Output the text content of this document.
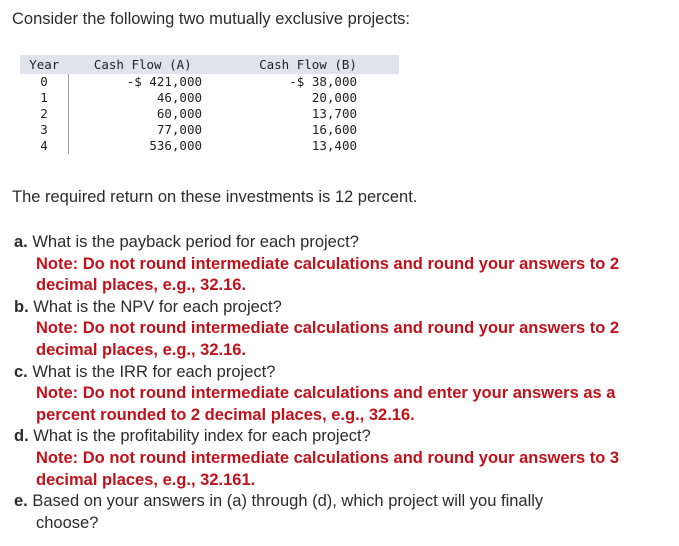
Consider the following two mutually exclusive projects:
Year	Cash Flow (A)	Cash Flow (B)
0	-$ 421,000	-$ 38,000
1	46,000	20,000
2	60,000	13,700
3	77,000	16,600
4	536,000	13,400
The required return on these investments is 12 percent.
a. What is the payback period for each project?
Note: Do not round intermediate calculations and round your answers to 2 decimal places, e.g., 32.16.
b. What is the NPV for each project?
Note: Do not round intermediate calculations and round your answers to 2 decimal places, e.g., 32.16.
c. What is the IRR for each project?
Note: Do not round intermediate calculations and enter your answers as a percent rounded to 2 decimal places, e.g., 32.16.
d. What is the profitability index for each project?
Note: Do not round intermediate calculations and round your answers to 3 decimal places, e.g., 32.161.
e. Based on your answers in (a) through (d), which project will you finally
choose?
